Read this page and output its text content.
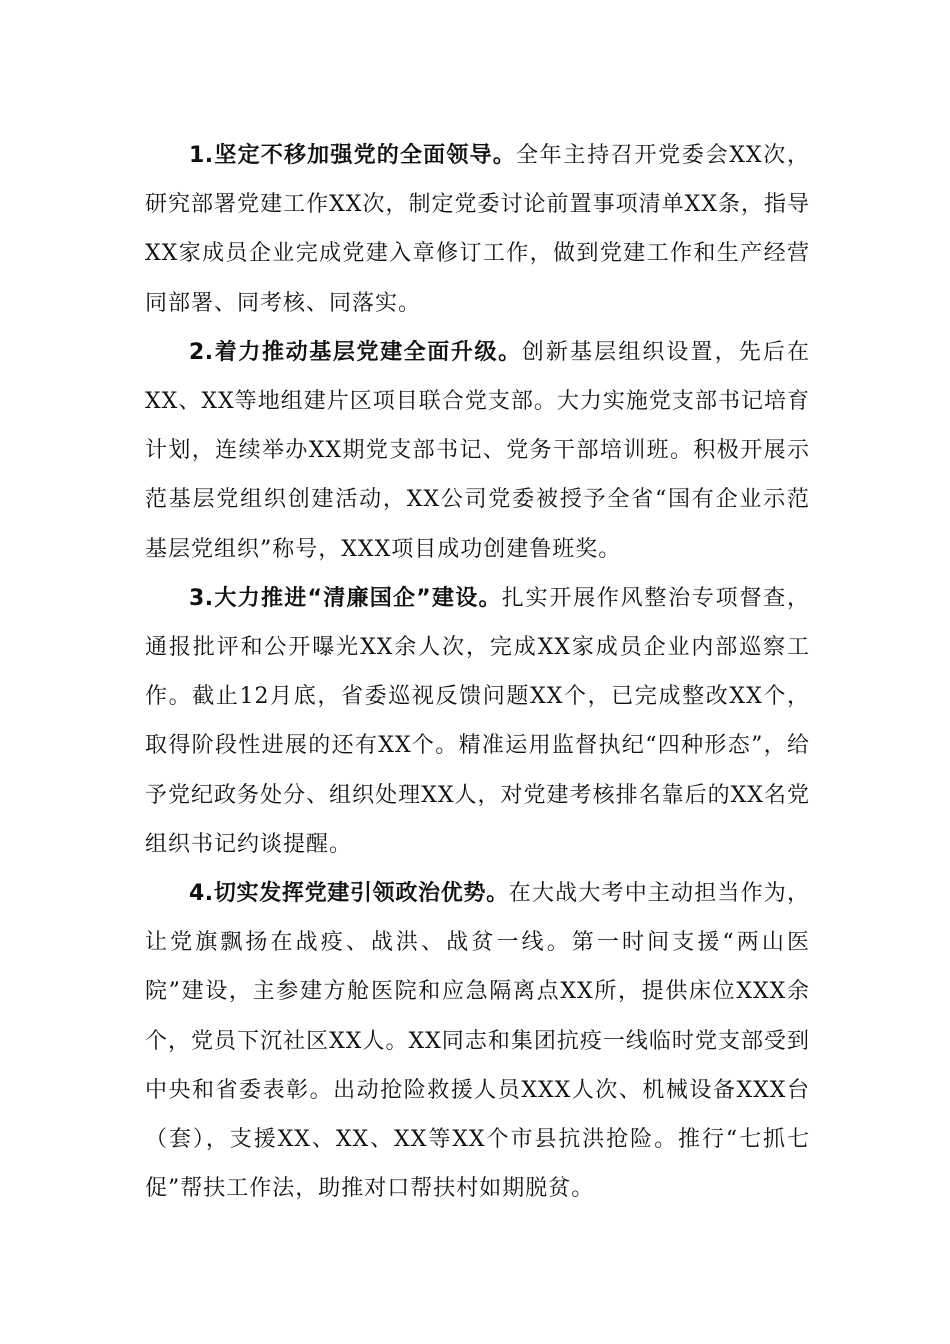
1.坚定不移加强党的全面领导。全年主持召开党委会XX次，研究部署党建工作XX次，制定党委讨论前置事项清单XX条，指导XX家成员企业完成党建入章修订工作，做到党建工作和生产经营同部署、同考核、同落实。

2.着力推动基层党建全面升级。创新基层组织设置，先后在XX、XX等地组建片区项目联合党支部。大力实施党支部书记培育计划，连续举办XX期党支部书记、党务干部培训班。积极开展示范基层党组织创建活动，XX公司党委被授予全省“国有企业示范基层党组织”称号，XXX项目成功创建鲁班奖。

3.大力推进“清廉国企”建设。扎实开展作风整治专项督查，通报批评和公开曝光XX余人次，完成XX家成员企业内部巡察工作。截止12月底，省委巡视反馈问题XX个，已完成整改XX个，取得阶段性进展的还有XX个。精准运用监督执纪“四种形态”，给予党纪政务处分、组织处理XX人，对党建考核排名靠后的XX名党组织书记约谈提醒。

4.切实发挥党建引领政治优势。在大战大考中主动担当作为，让党旗飘扬在战疫、战洪、战贫一线。第一时间支援“两山医院”建设，主参建方舱医院和应急隔离点XX所，提供床位XXX余个，党员下沉社区XX人。XX同志和集团抗疫一线临时党支部受到中央和省委表彰。出动抢险救援人员XXX人次、机械设备XXX台（套），支援XX、XX、XX等XX个市县抗洪抢险。推行“七抓七促”帮扶工作法，助推对口帮扶村如期脱贫。
